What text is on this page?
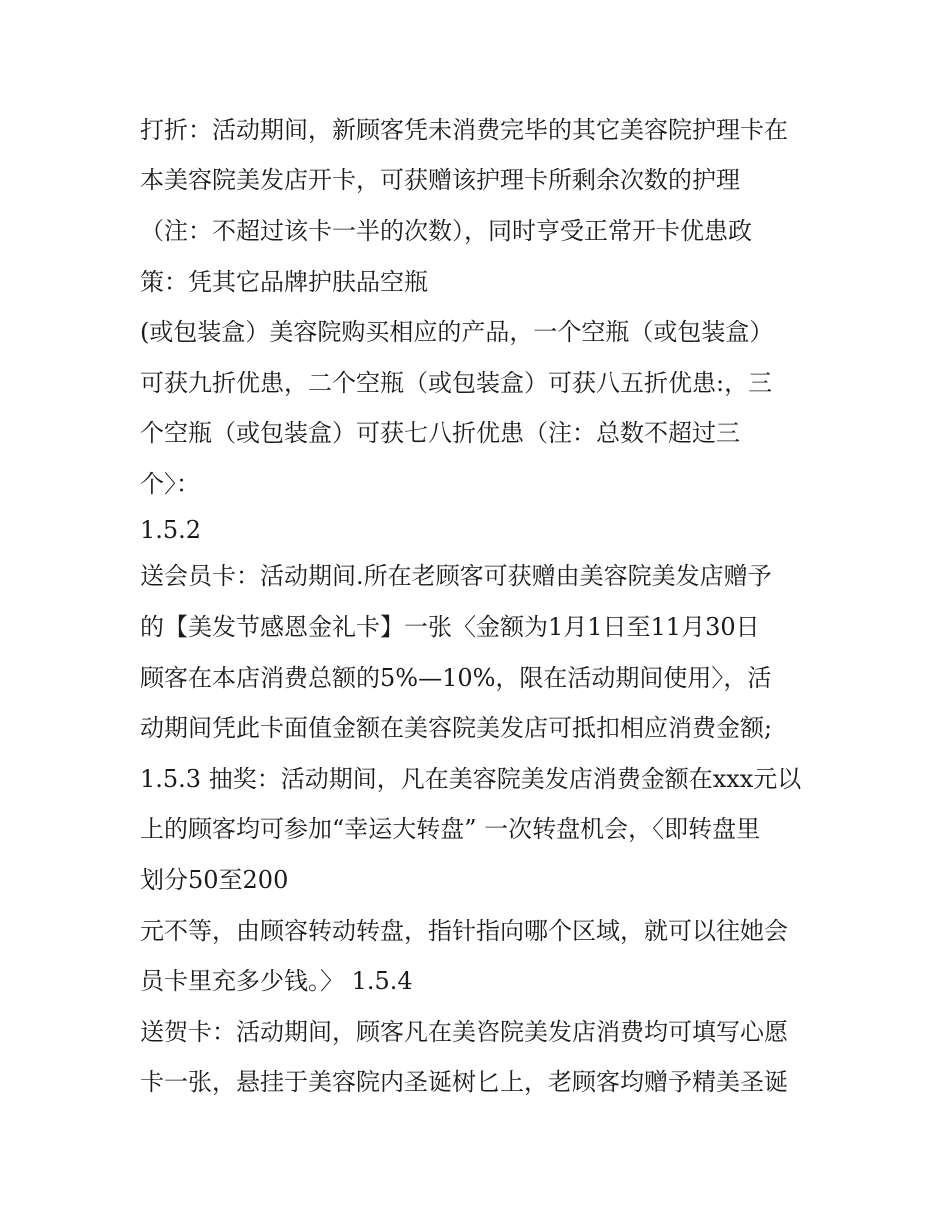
打折：活动期间，新顾客凭未消费完毕的其它美容院护理卡在
本美容院美发店开卡，可获赠该护理卡所剩余次数的护理
（注：不超过该卡一半的次数），同时亨受正常开卡优患政
策：凭其它品牌护肤品空瓶
(或包装盒）美容院购买相应的产品，一个空瓶（或包装盒）
可获九折优患，二个空瓶（或包装盒）可获八五折优患:，三
个空瓶（或包装盒）可获七八折优患（注：总数不超过三
个〉：
1.5.2
送会员卡：活动期间.所在老顾客可获赠由美容院美发店赠予
的【美发节感恩金礼卡】一张〈金额为1月1日至11月30日
顾客在本店消费总额的5%—10%，限在活动期间使用〉，活
动期间凭此卡面值金额在美容院美发店可抵扣相应消费金额;
1.5.3 抽奖：活动期间，凡在美容院美发店消费金额在xxx元以
上的顾客均可参加“幸运大转盘” 一次转盘机会，〈即转盘里
划分50至200
元不等，由顾容转动转盘，指针指向哪个区域，就可以往她会
员卡里充多少钱。〉 1.5.4
送贺卡：活动期间，顾客凡在美咨院美发店消费均可填写心愿
卡一张，悬挂于美容院内圣诞树匕上，老顾客均赠予精美圣诞
